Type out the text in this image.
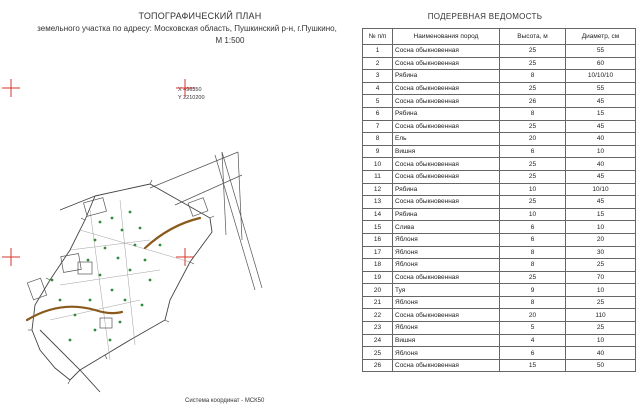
ТОПОГРАФИЧЕСКИЙ ПЛАН
земельного участка по адресу: Московская область, Пушкинский р-н, г.Пушкино,
М 1:500
Х 496350
Y 2210200
Система координат - МСК50
ПОДЕРЕВНАЯ ВЕДОМОСТЬ
№ п/п	Наименования пород	Высота, м	Диаметр, см
1	Сосна обыкновенная	25	55
2	Сосна обыкновенная	25	60
3	Рябина	8	10/10/10
4	Сосна обыкновенная	25	55
5	Сосна обыкновенная	26	45
6	Рябина	8	15
7	Сосна обыкновенная	25	45
8	Ель	20	40
9	Вишня	6	10
10	Сосна обыкновенная	25	40
11	Сосна обыкновенная	25	45
12	Рябина	10	10/10
13	Сосна обыкновенная	25	45
14	Рябина	10	15
15	Слива	6	10
16	Яблоня	6	20
17	Яблоня	8	30
18	Яблоня	8	25
19	Сосна обыкновенная	25	70
20	Туя	9	10
21	Яблоня	8	25
22	Сосна обыкновенная	20	110
23	Яблоня	5	25
24	Вишня	4	10
25	Яблоня	6	40
26	Сосна обыкновенная	15	50
